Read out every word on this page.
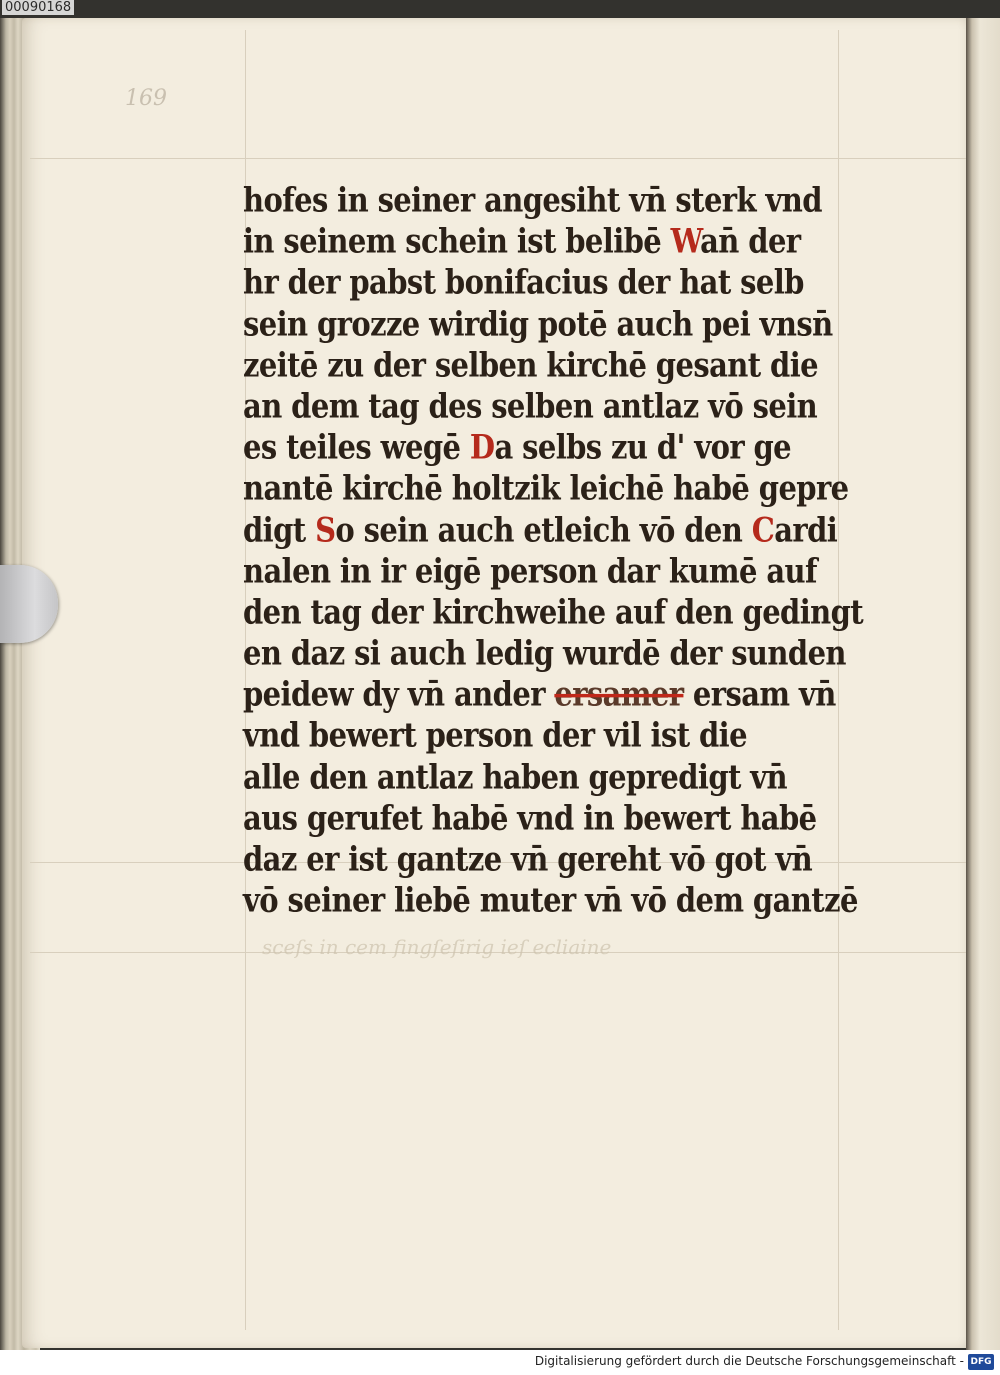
00090168
169
sceſs in cem fingſeſirig ieſ ecliaine
hofes in seiner angesiht vn̄ sterk vnd
in seinem schein ist belibē Wan̄ der
hr der pabst bonifacius der hat selb
sein grozze wirdig potē auch pei vnsn̄
zeitē zu der selben kirchē gesant die
an dem tag des selben antlaz vō sein
es teiles wegē Da selbs zu d' vor ge
nantē kirchē holtzik leichē habē gepre
digt So sein auch etleich vō den Cardi
nalen in ir eigē person dar kumē auf
den tag der kirchweihe auf den gedingt
en daz si auch ledig wurdē der sunden
peidew dy vn̄ ander ersamer ersam vn̄
vnd bewert person der vil ist die
alle den antlaz haben gepredigt vn̄
aus gerufet habē vnd in bewert habē
daz er ist gantze vn̄ gereht vō got vn̄
vō seiner liebē muter vn̄ vō dem gantzē
Digitalisierung gefördert durch die Deutsche Forschungsgemeinschaft - DFG
